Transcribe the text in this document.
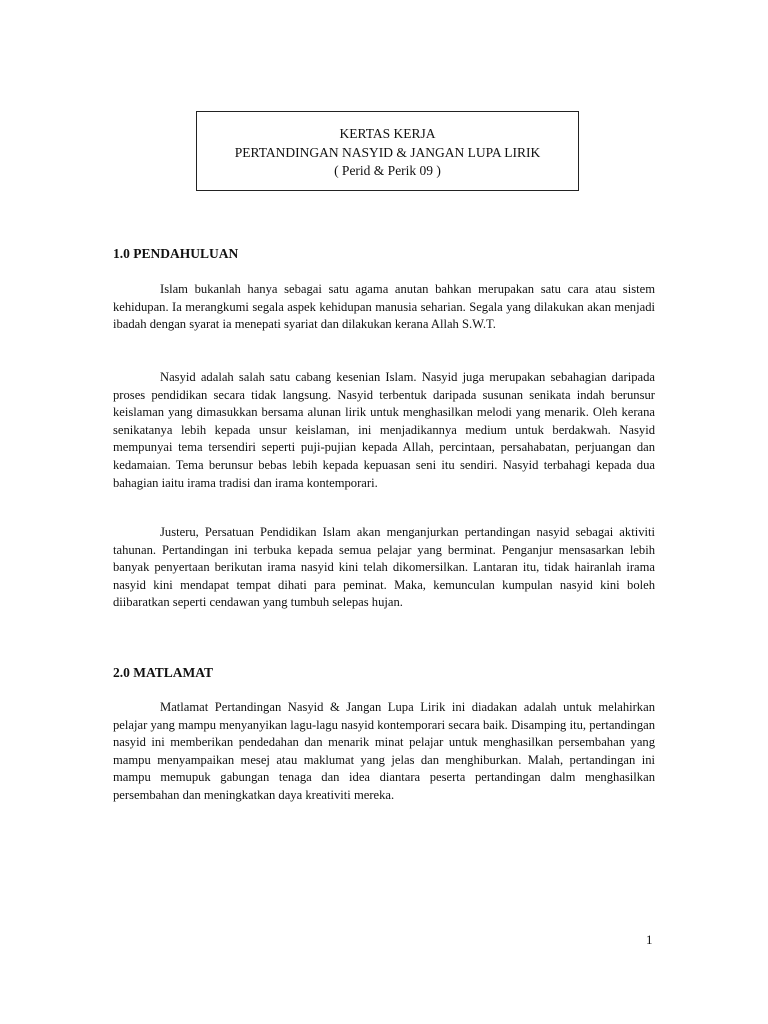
KERTAS KERJA
PERTANDINGAN NASYID & JANGAN LUPA LIRIK
( Perid & Perik 09 )
1.0 PENDAHULUAN

Islam bukanlah hanya sebagai satu agama anutan bahkan merupakan satu cara atau sistem kehidupan. Ia merangkumi segala aspek kehidupan manusia seharian. Segala yang dilakukan akan menjadi ibadah dengan syarat ia menepati syariat dan dilakukan kerana Allah S.W.T.

Nasyid adalah salah satu cabang kesenian Islam. Nasyid juga merupakan sebahagian daripada proses pendidikan secara tidak langsung. Nasyid terbentuk daripada susunan senikata indah berunsur keislaman yang dimasukkan bersama alunan lirik untuk menghasilkan melodi yang menarik. Oleh kerana senikatanya lebih kepada unsur keislaman, ini menjadikannya medium untuk berdakwah. Nasyid mempunyai tema tersendiri seperti puji-pujian kepada Allah, percintaan, persahabatan, perjuangan dan kedamaian. Tema berunsur bebas lebih kepada kepuasan seni itu sendiri. Nasyid terbahagi kepada dua bahagian iaitu irama tradisi dan irama kontemporari.

Justeru, Persatuan Pendidikan Islam akan menganjurkan pertandingan nasyid sebagai aktiviti tahunan. Pertandingan ini terbuka kepada semua pelajar yang berminat. Penganjur mensasarkan lebih banyak penyertaan berikutan irama nasyid kini telah dikomersilkan. Lantaran itu, tidak hairanlah irama nasyid kini mendapat tempat dihati para peminat. Maka, kemunculan kumpulan nasyid kini boleh diibaratkan seperti cendawan yang tumbuh selepas hujan.

2.0 MATLAMAT

Matlamat Pertandingan Nasyid & Jangan Lupa Lirik ini diadakan adalah untuk melahirkan pelajar yang mampu menyanyikan lagu-lagu nasyid kontemporari secara baik. Disamping itu, pertandingan nasyid ini memberikan pendedahan dan menarik minat pelajar untuk menghasilkan persembahan yang mampu menyampaikan mesej atau maklumat yang jelas dan menghiburkan. Malah, pertandingan ini mampu memupuk gabungan tenaga dan idea diantara peserta pertandingan dalm menghasilkan persembahan dan meningkatkan daya kreativiti mereka.

1
